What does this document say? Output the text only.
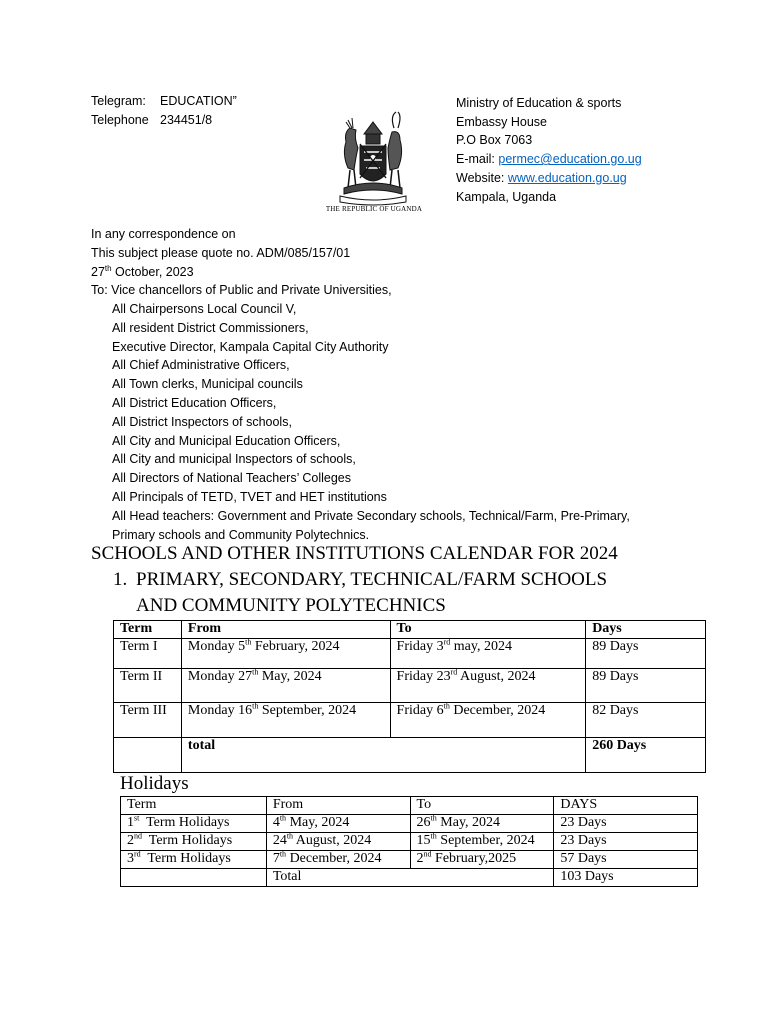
Telegram: EDUCATION”
Telephone 234451/8
THE REPUBLIC OF UGANDA
Ministry of Education & sports
Embassy House
P.O Box 7063
E-mail: permec@education.go.ug
Website: www.education.go.ug
Kampala, Uganda
In any correspondence on
This subject please quote no. ADM/085/157/01
27th October, 2023
To: Vice chancellors of Public and Private Universities,
All Chairpersons Local Council V,
All resident District Commissioners,
Executive Director, Kampala Capital City Authority
All Chief Administrative Officers,
All Town clerks, Municipal councils
All District Education Officers,
All District Inspectors of schools,
All City and Municipal Education Officers,
All City and municipal Inspectors of schools,
All Directors of National Teachers’ Colleges
All Principals of TETD, TVET and HET institutions
All Head teachers: Government and Private Secondary schools, Technical/Farm, Pre-Primary,
Primary schools and Community Polytechnics.
SCHOOLS AND OTHER INSTITUTIONS CALENDAR FOR 2024
1. PRIMARY, SECONDARY, TECHNICAL/FARM SCHOOLS
AND COMMUNITY POLYTECHNICS
Term	From	To	Days
Term I	Monday 5th February, 2024	Friday 3rd may, 2024	89 Days
Term II	Monday 27th May, 2024	Friday 23rd August, 2024	89 Days
Term III	Monday 16th September, 2024	Friday 6th December, 2024	82 Days
	total		260 Days
Holidays
Term	From	To	DAYS
1st  Term Holidays	4th May, 2024	26th May, 2024	23 Days
2nd  Term Holidays	24th August, 2024	15th September, 2024	23 Days
3rd  Term Holidays	7th December, 2024	2nd February,2025	57 Days
	Total		103 Days
